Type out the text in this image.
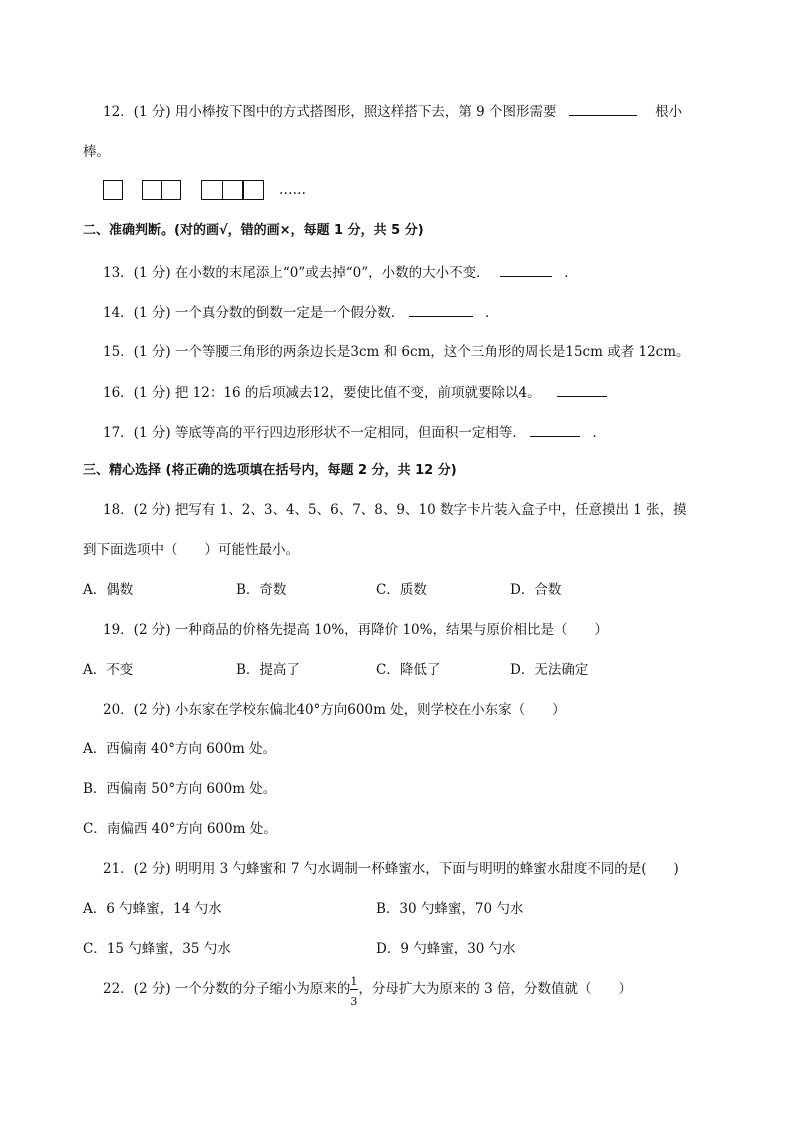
12．(1 分) 用小棒按下图中的方式搭图形，照这样搭下去，第 9 个图形需要	根小
棒。
……
二、准确判断。(对的画√，错的画×，每题 1 分，共 5 分)
13．(1 分) 在小数的末尾添上“0”或去掉“0”，小数的大小不变．	．
14．(1 分) 一个真分数的倒数一定是一个假分数．	．
15．(1 分) 一个等腰三角形的两条边长是3cm 和 6cm，这个三角形的周长是15cm 或者 12cm。
16．(1 分) 把 12：16 的后项减去12，要使比值不变，前项就要除以4。
17．(1 分) 等底等高的平行四边形形状不一定相同，但面积一定相等．	．
三、精心选择 (将正确的选项填在括号内，每题 2 分，共 12 分)
18．(2 分) 把写有 1、2、3、4、5、6、7、8、9、10 数字卡片装入盒子中，任意摸出 1 张，摸
到下面选项中（　　）可能性最小。
A．偶数	B．奇数	C．质数	D．合数
19．(2 分) 一种商品的价格先提高 10%，再降价 10%，结果与原价相比是（　　）
A．不变	B．提高了	C．降低了	D．无法确定
20．(2 分) 小东家在学校东偏北40°方向600m 处，则学校在小东家（　　）
A．西偏南 40°方向 600m 处。
B．西偏南 50°方向 600m 处。
C．南偏西 40°方向 600m 处。
21．(2 分) 明明用 3 勺蜂蜜和 7 勺水调制一杯蜂蜜水，下面与明明的蜂蜜水甜度不同的是(　　)
A．6 勺蜂蜜，14 勺水	B．30 勺蜂蜜，70 勺水
C．15 勺蜂蜜，35 勺水	D．9 勺蜂蜜，30 勺水
22．(2 分) 一个分数的分子缩小为原来的 $\frac{1}{3}$ ，分母扩大为原来的 3 倍，分数值就（　　）
